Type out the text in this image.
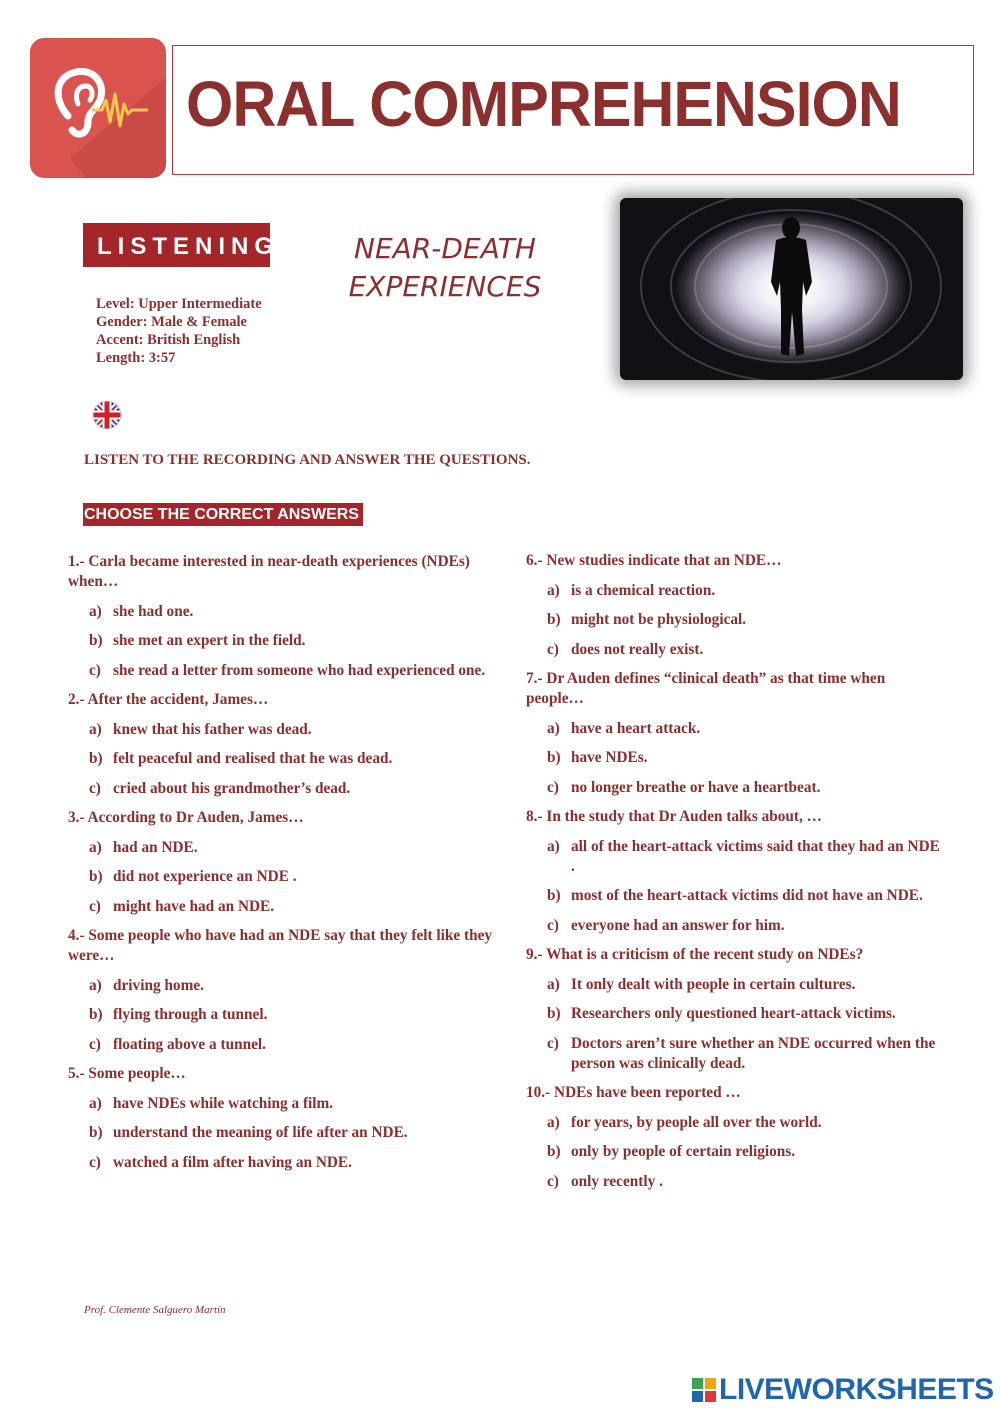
ORAL COMPREHENSION
LISTENING	NEAR-DEATH
EXPERIENCES
Level: Upper Intermediate
Gender: Male & Female
Accent: British English
Length: 3:57
LISTEN TO THE RECORDING AND ANSWER THE QUESTIONS.
CHOOSE THE CORRECT ANSWERS
1.- Carla became interested in near-death experiences (NDEs) when…
a) she had one.
b) she met an expert in the field.
c) she read a letter from someone who had experienced one.
2.- After the accident, James…
a) knew that his father was dead.
b) felt peaceful and realised that he was dead.
c) cried about his grandmother’s dead.
3.- According to Dr Auden, James…
a) had an NDE.
b) did not experience an NDE .
c) might have had an NDE.
4.- Some people who have had an NDE say that they felt like they were…
a) driving home.
b) flying through a tunnel.
c) floating above a tunnel.
5.- Some people…
a) have NDEs while watching a film.
b) understand the meaning of life after an NDE.
c) watched a film after having an NDE.
6.- New studies indicate that an NDE…
a) is a chemical reaction.
b) might not be physiological.
c) does not really exist.
7.- Dr Auden defines “clinical death” as that time when people…
a) have a heart attack.
b) have NDEs.
c) no longer breathe or have a heartbeat.
8.- In the study that Dr Auden talks about, …
a) all of the heart-attack victims said that they had an NDE .
b) most of the heart-attack victims did not have an NDE.
c) everyone had an answer for him.
9.- What is a criticism of the recent study on NDEs?
a) It only dealt with people in certain cultures.
b) Researchers only questioned heart-attack victims.
c) Doctors aren’t sure whether an NDE occurred when the person was clinically dead.
10.- NDEs have been reported …
a) for years, by people all over the world.
b) only by people of certain religions.
c) only recently .
Prof. Clemente Salguero Martín
LIVEWORKSHEETS
